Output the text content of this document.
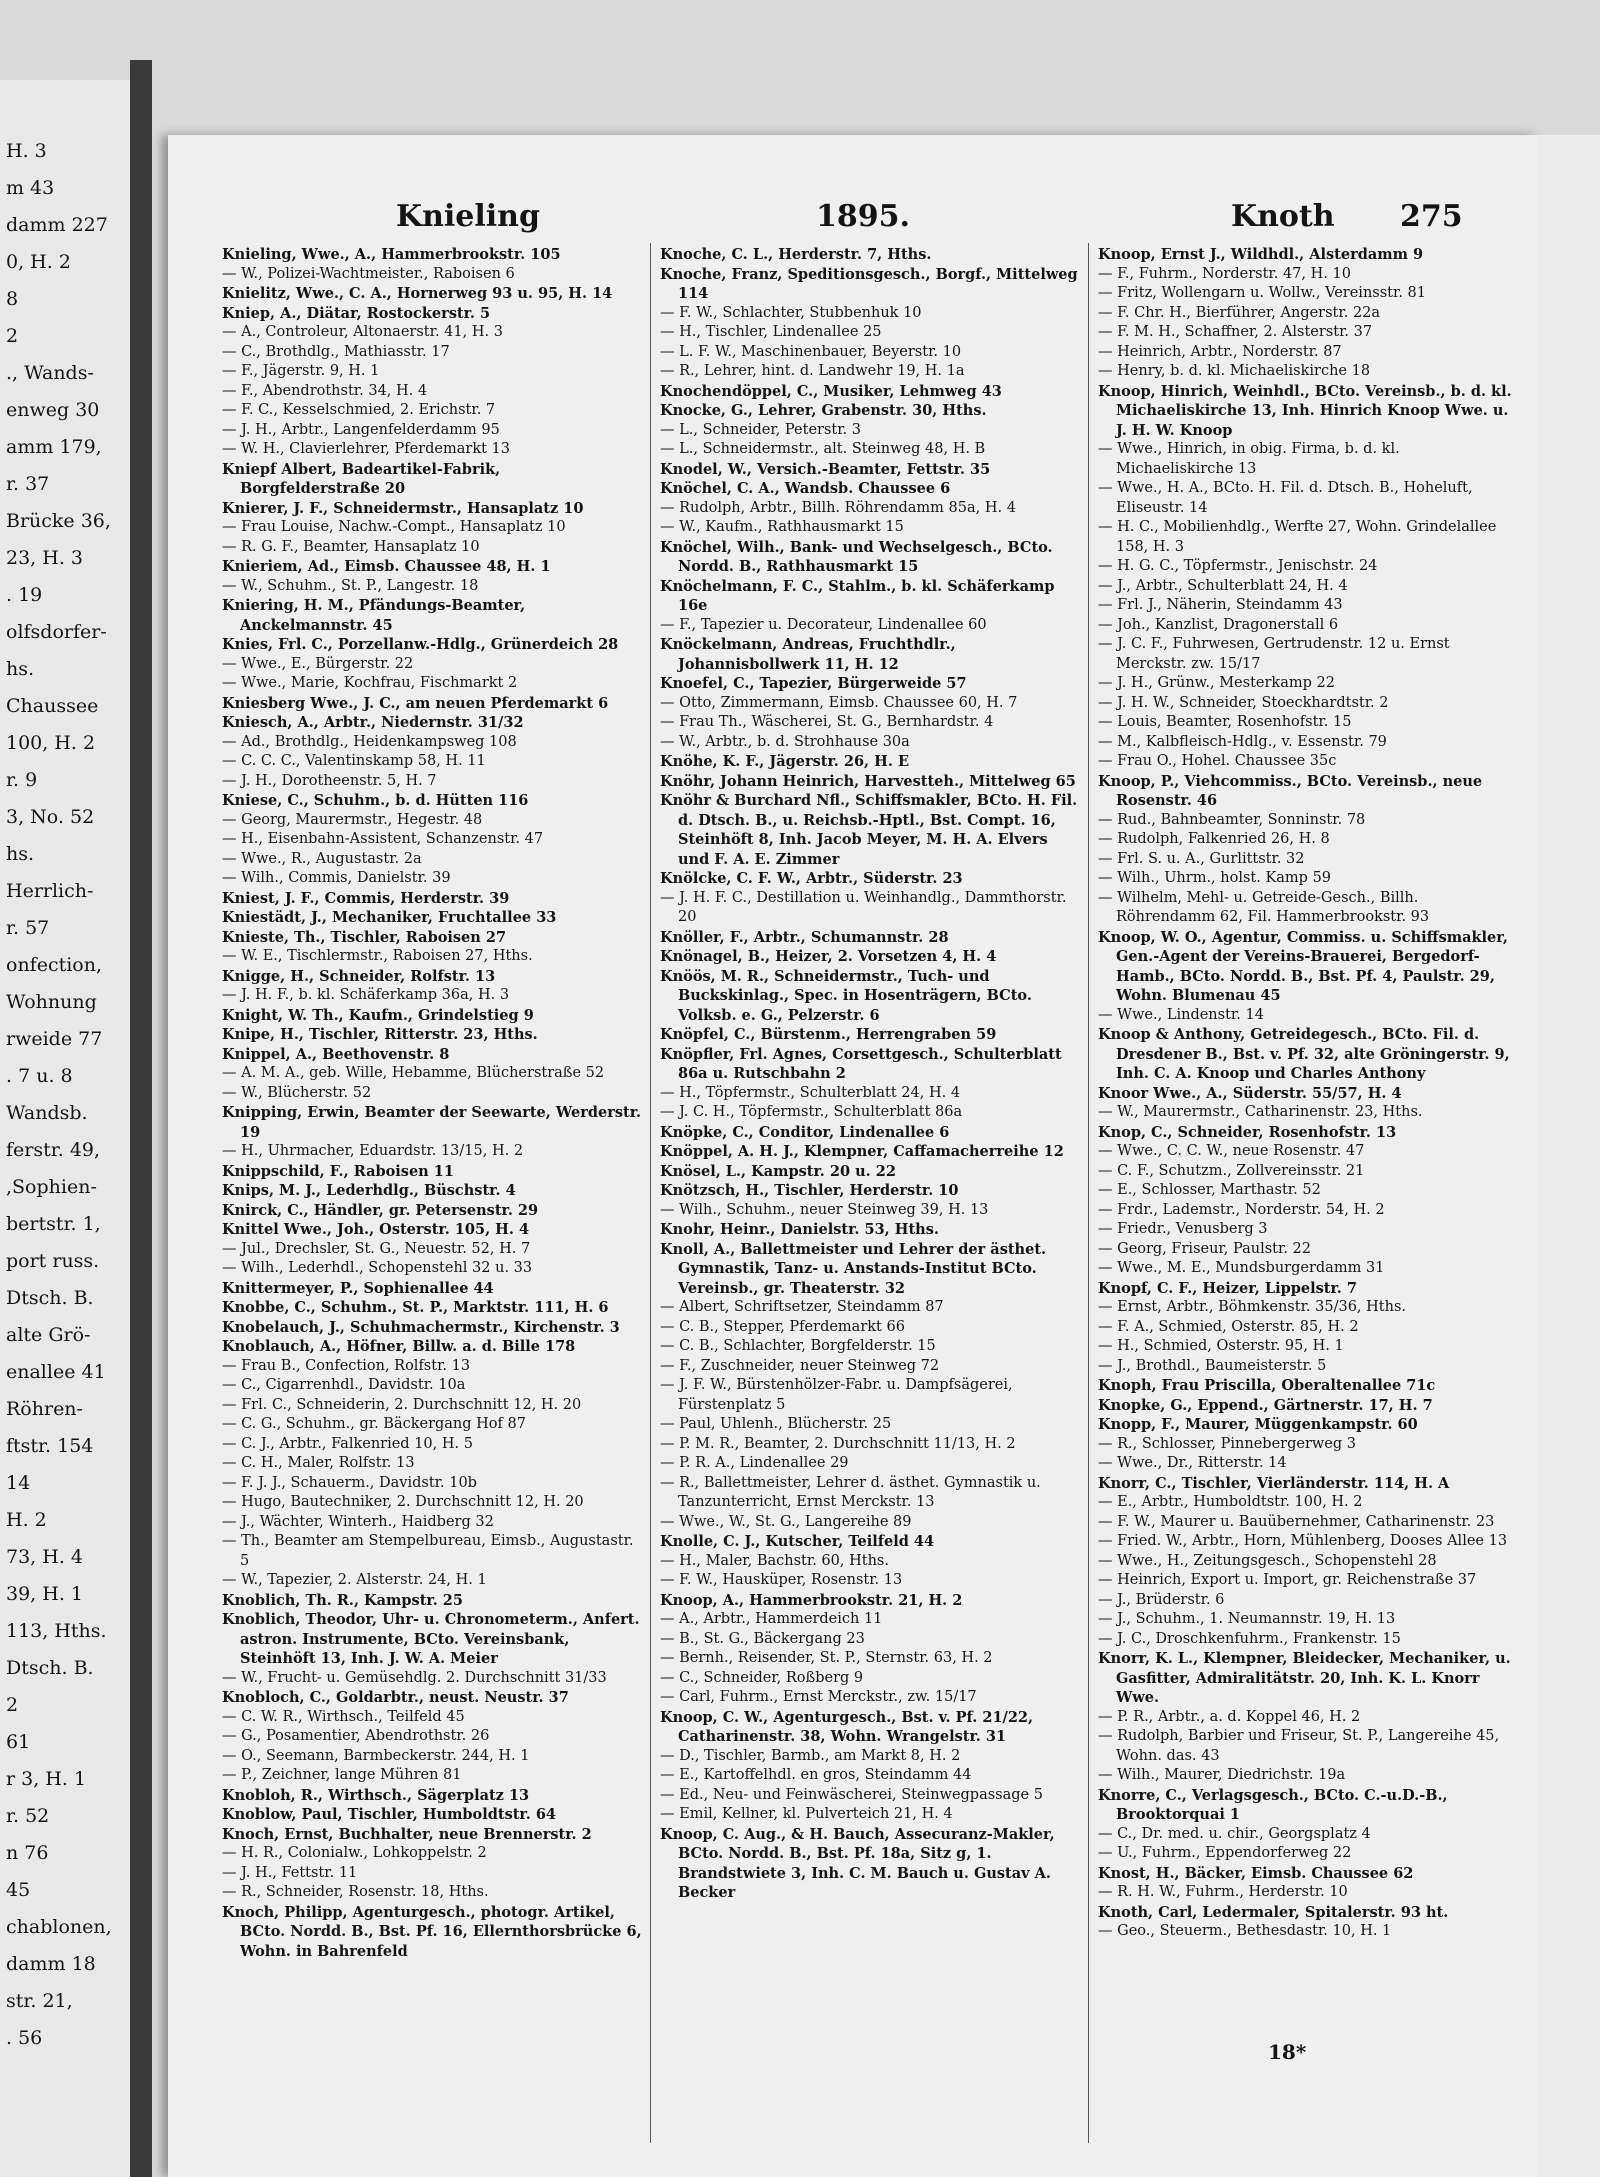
H. 3
m 43
damm 227
0, H. 2
8
2
., Wands-
enweg 30
amm 179,
r. 37
Brücke 36,
23, H. 3
. 19
olfsdorfer-
hs.
Chaussee
100, H. 2
r. 9
3, No. 52
hs.
Herrlich-
r. 57
onfection,
Wohnung
rweide 77
. 7 u. 8
Wandsb.
ferstr. 49,
,Sophien-
bertstr. 1,
port russ.
Dtsch. B.
alte Grö-
enallee 41
Röhren-
ftstr. 154
14
H. 2
73, H. 4
39, H. 1
113, Hths.
Dtsch. B.
2
61
r 3, H. 1
r. 52
n 76
45
chablonen,
damm 18
str. 21,
. 56
Knieling	1895.	Knoth 275

Knieling, Wwe., A., Hammerbrookstr. 105

— W., Polizei-Wachtmeister., Raboisen 6

Knielitz, Wwe., C. A., Hornerweg 93 u. 95, H. 14

Kniep, A., Diätar, Rostockerstr. 5

— A., Controleur, Altonaerstr. 41, H. 3

— C., Brothdlg., Mathiasstr. 17

— F., Jägerstr. 9, H. 1

— F., Abendrothstr. 34, H. 4

— F. C., Kesselschmied, 2. Erichstr. 7

— J. H., Arbtr., Langenfelderdamm 95

— W. H., Clavierlehrer, Pferdemarkt 13

Kniepf Albert, Badeartikel-Fabrik, Borgfelderstraße 20

Knierer, J. F., Schneidermstr., Hansaplatz 10

— Frau Louise, Nachw.-Compt., Hansaplatz 10

— R. G. F., Beamter, Hansaplatz 10

Knieriem, Ad., Eimsb. Chaussee 48, H. 1

— W., Schuhm., St. P., Langestr. 18

Kniering, H. M., Pfändungs-Beamter, Anckelmannstr. 45

Knies, Frl. C., Porzellanw.-Hdlg., Grünerdeich 28

— Wwe., E., Bürgerstr. 22

— Wwe., Marie, Kochfrau, Fischmarkt 2

Kniesberg Wwe., J. C., am neuen Pferdemarkt 6

Kniesch, A., Arbtr., Niedernstr. 31/32

— Ad., Brothdlg., Heidenkampsweg 108

— C. C. C., Valentinskamp 58, H. 11

— J. H., Dorotheenstr. 5, H. 7

Kniese, C., Schuhm., b. d. Hütten 116

— Georg, Maurermstr., Hegestr. 48

— H., Eisenbahn-Assistent, Schanzenstr. 47

— Wwe., R., Augustastr. 2a

— Wilh., Commis, Danielstr. 39

Kniest, J. F., Commis, Herderstr. 39

Kniestädt, J., Mechaniker, Fruchtallee 33

Knieste, Th., Tischler, Raboisen 27

— W. E., Tischlermstr., Raboisen 27, Hths.

Knigge, H., Schneider, Rolfstr. 13

— J. H. F., b. kl. Schäferkamp 36a, H. 3

Knight, W. Th., Kaufm., Grindelstieg 9

Knipe, H., Tischler, Ritterstr. 23, Hths.

Knippel, A., Beethovenstr. 8

— A. M. A., geb. Wille, Hebamme, Blücherstraße 52

— W., Blücherstr. 52

Knipping, Erwin, Beamter der Seewarte, Werderstr. 19

— H., Uhrmacher, Eduardstr. 13/15, H. 2

Knippschild, F., Raboisen 11

Knips, M. J., Lederhdlg., Büschstr. 4

Knirck, C., Händler, gr. Petersenstr. 29

Knittel Wwe., Joh., Osterstr. 105, H. 4

— Jul., Drechsler, St. G., Neuestr. 52, H. 7

— Wilh., Lederhdl., Schopenstehl 32 u. 33

Knittermeyer, P., Sophienallee 44

Knobbe, C., Schuhm., St. P., Marktstr. 111, H. 6

Knobelauch, J., Schuhmachermstr., Kirchenstr. 3

Knoblauch, A., Höfner, Billw. a. d. Bille 178

— Frau B., Confection, Rolfstr. 13

— C., Cigarrenhdl., Davidstr. 10a

— Frl. C., Schneiderin, 2. Durchschnitt 12, H. 20

— C. G., Schuhm., gr. Bäckergang Hof 87

— C. J., Arbtr., Falkenried 10, H. 5

— C. H., Maler, Rolfstr. 13

— F. J. J., Schauerm., Davidstr. 10b

— Hugo, Bautechniker, 2. Durchschnitt 12, H. 20

— J., Wächter, Winterh., Haidberg 32

— Th., Beamter am Stempelbureau, Eimsb., Augustastr. 5

— W., Tapezier, 2. Alsterstr. 24, H. 1

Knoblich, Th. R., Kampstr. 25

Knoblich, Theodor, Uhr- u. Chronometerm., Anfert. astron. Instrumente, BCto. Vereinsbank, Steinhöft 13, Inh. J. W. A. Meier

— W., Frucht- u. Gemüsehdlg. 2. Durchschnitt 31/33

Knobloch, C., Goldarbtr., neust. Neustr. 37

— C. W. R., Wirthsch., Teilfeld 45

— G., Posamentier, Abendrothstr. 26

— O., Seemann, Barmbeckerstr. 244, H. 1

— P., Zeichner, lange Mühren 81

Knobloh, R., Wirthsch., Sägerplatz 13

Knoblow, Paul, Tischler, Humboldtstr. 64

Knoch, Ernst, Buchhalter, neue Brennerstr. 2

— H. R., Colonialw., Lohkoppelstr. 2

— J. H., Fettstr. 11

— R., Schneider, Rosenstr. 18, Hths.

Knoch, Philipp, Agenturgesch., photogr. Artikel, BCto. Nordd. B., Bst. Pf. 16, Ellernthorsbrücke 6, Wohn. in Bahrenfeld

Knoche, C. L., Herderstr. 7, Hths.

Knoche, Franz, Speditionsgesch., Borgf., Mittelweg 114

— F. W., Schlachter, Stubbenhuk 10

— H., Tischler, Lindenallee 25

— L. F. W., Maschinenbauer, Beyerstr. 10

— R., Lehrer, hint. d. Landwehr 19, H. 1a

Knochendöppel, C., Musiker, Lehmweg 43

Knocke, G., Lehrer, Grabenstr. 30, Hths.

— L., Schneider, Peterstr. 3

— L., Schneidermstr., alt. Steinweg 48, H. B

Knodel, W., Versich.-Beamter, Fettstr. 35

Knöchel, C. A., Wandsb. Chaussee 6

— Rudolph, Arbtr., Billh. Röhrendamm 85a, H. 4

— W., Kaufm., Rathhausmarkt 15

Knöchel, Wilh., Bank- und Wechselgesch., BCto. Nordd. B., Rathhausmarkt 15

Knöchelmann, F. C., Stahlm., b. kl. Schäferkamp 16e

— F., Tapezier u. Decorateur, Lindenallee 60

Knöckelmann, Andreas, Fruchthdlr., Johannisbollwerk 11, H. 12

Knoefel, C., Tapezier, Bürgerweide 57

— Otto, Zimmermann, Eimsb. Chaussee 60, H. 7

— Frau Th., Wäscherei, St. G., Bernhardstr. 4

— W., Arbtr., b. d. Strohhause 30a

Knöhe, K. F., Jägerstr. 26, H. E

Knöhr, Johann Heinrich, Harvestteh., Mittelweg 65

Knöhr & Burchard Nfl., Schiffsmakler, BCto. H. Fil. d. Dtsch. B., u. Reichsb.-Hptl., Bst. Compt. 16, Steinhöft 8, Inh. Jacob Meyer, M. H. A. Elvers und F. A. E. Zimmer

Knölcke, C. F. W., Arbtr., Süderstr. 23

— J. H. F. C., Destillation u. Weinhandlg., Dammthorstr. 20

Knöller, F., Arbtr., Schumannstr. 28

Knönagel, B., Heizer, 2. Vorsetzen 4, H. 4

Knöös, M. R., Schneidermstr., Tuch- und Buckskinlag., Spec. in Hosenträgern, BCto. Volksb. e. G., Pelzerstr. 6

Knöpfel, C., Bürstenm., Herrengraben 59

Knöpfler, Frl. Agnes, Corsettgesch., Schulterblatt 86a u. Rutschbahn 2

— H., Töpfermstr., Schulterblatt 24, H. 4

— J. C. H., Töpfermstr., Schulterblatt 86a

Knöpke, C., Conditor, Lindenallee 6

Knöppel, A. H. J., Klempner, Caffamacherreihe 12

Knösel, L., Kampstr. 20 u. 22

Knötzsch, H., Tischler, Herderstr. 10

— Wilh., Schuhm., neuer Steinweg 39, H. 13

Knohr, Heinr., Danielstr. 53, Hths.

Knoll, A., Ballettmeister und Lehrer der ästhet. Gymnastik, Tanz- u. Anstands-Institut BCto. Vereinsb., gr. Theaterstr. 32

— Albert, Schriftsetzer, Steindamm 87

— C. B., Stepper, Pferdemarkt 66

— C. B., Schlachter, Borgfelderstr. 15

— F., Zuschneider, neuer Steinweg 72

— J. F. W., Bürstenhölzer-Fabr. u. Dampfsägerei, Fürstenplatz 5

— Paul, Uhlenh., Blücherstr. 25

— P. M. R., Beamter, 2. Durchschnitt 11/13, H. 2

— P. R. A., Lindenallee 29

— R., Ballettmeister, Lehrer d. ästhet. Gymnastik u. Tanzunterricht, Ernst Merckstr. 13

— Wwe., W., St. G., Langereihe 89

Knolle, C. J., Kutscher, Teilfeld 44

— H., Maler, Bachstr. 60, Hths.

— F. W., Hausküper, Rosenstr. 13

Knoop, A., Hammerbrookstr. 21, H. 2

— A., Arbtr., Hammerdeich 11

— B., St. G., Bäckergang 23

— Bernh., Reisender, St. P., Sternstr. 63, H. 2

— C., Schneider, Roßberg 9

— Carl, Fuhrm., Ernst Merckstr., zw. 15/17

Knoop, C. W., Agenturgesch., Bst. v. Pf. 21/22, Catharinenstr. 38, Wohn. Wrangelstr. 31

— D., Tischler, Barmb., am Markt 8, H. 2

— E., Kartoffelhdl. en gros, Steindamm 44

— Ed., Neu- und Feinwäscherei, Steinwegpassage 5

— Emil, Kellner, kl. Pulverteich 21, H. 4

Knoop, C. Aug., & H. Bauch, Assecuranz-Makler, BCto. Nordd. B., Bst. Pf. 18a, Sitz g, 1. Brandstwiete 3, Inh. C. M. Bauch u. Gustav A. Becker

Knoop, Ernst J., Wildhdl., Alsterdamm 9

— F., Fuhrm., Norderstr. 47, H. 10

— Fritz, Wollengarn u. Wollw., Vereinsstr. 81

— F. Chr. H., Bierführer, Angerstr. 22a

— F. M. H., Schaffner, 2. Alsterstr. 37

— Heinrich, Arbtr., Norderstr. 87

— Henry, b. d. kl. Michaeliskirche 18

Knoop, Hinrich, Weinhdl., BCto. Vereinsb., b. d. kl. Michaeliskirche 13, Inh. Hinrich Knoop Wwe. u. J. H. W. Knoop

— Wwe., Hinrich, in obig. Firma, b. d. kl. Michaeliskirche 13

— Wwe., H. A., BCto. H. Fil. d. Dtsch. B., Hoheluft, Eliseustr. 14

— H. C., Mobilienhdlg., Werfte 27, Wohn. Grindelallee 158, H. 3

— H. G. C., Töpfermstr., Jenischstr. 24

— J., Arbtr., Schulterblatt 24, H. 4

— Frl. J., Näherin, Steindamm 43

— Joh., Kanzlist, Dragonerstall 6

— J. C. F., Fuhrwesen, Gertrudenstr. 12 u. Ernst Merckstr. zw. 15/17

— J. H., Grünw., Mesterkamp 22

— J. H. W., Schneider, Stoeckhardtstr. 2

— Louis, Beamter, Rosenhofstr. 15

— M., Kalbfleisch-Hdlg., v. Essenstr. 79

— Frau O., Hohel. Chaussee 35c

Knoop, P., Viehcommiss., BCto. Vereinsb., neue Rosenstr. 46

— Rud., Bahnbeamter, Sonninstr. 78

— Rudolph, Falkenried 26, H. 8

— Frl. S. u. A., Gurlittstr. 32

— Wilh., Uhrm., holst. Kamp 59

— Wilhelm, Mehl- u. Getreide-Gesch., Billh. Röhrendamm 62, Fil. Hammerbrookstr. 93

Knoop, W. O., Agentur, Commiss. u. Schiffsmakler, Gen.-Agent der Vereins-Brauerei, Bergedorf-Hamb., BCto. Nordd. B., Bst. Pf. 4, Paulstr. 29, Wohn. Blumenau 45

— Wwe., Lindenstr. 14

Knoop & Anthony, Getreidegesch., BCto. Fil. d. Dresdener B., Bst. v. Pf. 32, alte Gröningerstr. 9, Inh. C. A. Knoop und Charles Anthony

Knoor Wwe., A., Süderstr. 55/57, H. 4

— W., Maurermstr., Catharinenstr. 23, Hths.

Knop, C., Schneider, Rosenhofstr. 13

— Wwe., C. C. W., neue Rosenstr. 47

— C. F., Schutzm., Zollvereinsstr. 21

— E., Schlosser, Marthastr. 52

— Frdr., Lademstr., Norderstr. 54, H. 2

— Friedr., Venusberg 3

— Georg, Friseur, Paulstr. 22

— Wwe., M. E., Mundsburgerdamm 31

Knopf, C. F., Heizer, Lippelstr. 7

— Ernst, Arbtr., Böhmkenstr. 35/36, Hths.

— F. A., Schmied, Osterstr. 85, H. 2

— H., Schmied, Osterstr. 95, H. 1

— J., Brothdl., Baumeisterstr. 5

Knoph, Frau Priscilla, Oberaltenallee 71c

Knopke, G., Eppend., Gärtnerstr. 17, H. 7

Knopp, F., Maurer, Müggenkampstr. 60

— R., Schlosser, Pinnebergerweg 3

— Wwe., Dr., Ritterstr. 14

Knorr, C., Tischler, Vierländerstr. 114, H. A

— E., Arbtr., Humboldtstr. 100, H. 2

— F. W., Maurer u. Bauübernehmer, Catharinenstr. 23

— Fried. W., Arbtr., Horn, Mühlenberg, Dooses Allee 13

— Wwe., H., Zeitungsgesch., Schopenstehl 28

— Heinrich, Export u. Import, gr. Reichenstraße 37

— J., Brüderstr. 6

— J., Schuhm., 1. Neumannstr. 19, H. 13

— J. C., Droschkenfuhrm., Frankenstr. 15

Knorr, K. L., Klempner, Bleidecker, Mechaniker, u. Gasfitter, Admiralitätstr. 20, Inh. K. L. Knorr Wwe.

— P. R., Arbtr., a. d. Koppel 46, H. 2

— Rudolph, Barbier und Friseur, St. P., Langereihe 45, Wohn. das. 43

— Wilh., Maurer, Diedrichstr. 19a

Knorre, C., Verlagsgesch., BCto. C.-u.D.-B., Brooktorquai 1

— C., Dr. med. u. chir., Georgsplatz 4

— U., Fuhrm., Eppendorferweg 22

Knost, H., Bäcker, Eimsb. Chaussee 62

— R. H. W., Fuhrm., Herderstr. 10

Knoth, Carl, Ledermaler, Spitalerstr. 93 ht.

— Geo., Steuerm., Bethesdastr. 10, H. 1

18*
